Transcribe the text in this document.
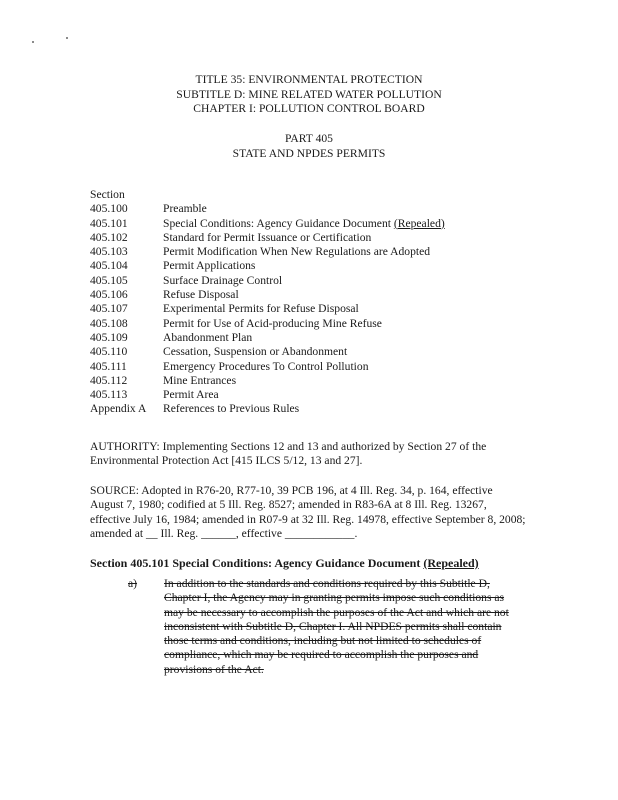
TITLE 35: ENVIRONMENTAL PROTECTION
SUBTITLE D: MINE RELATED WATER POLLUTION
CHAPTER I: POLLUTION CONTROL BOARD
PART 405
STATE AND NPDES PERMITS
Section
405.100	Preamble
405.101	Special Conditions: Agency Guidance Document (Repealed)
405.102	Standard for Permit Issuance or Certification
405.103	Permit Modification When New Regulations are Adopted
405.104	Permit Applications
405.105	Surface Drainage Control
405.106	Refuse Disposal
405.107	Experimental Permits for Refuse Disposal
405.108	Permit for Use of Acid-producing Mine Refuse
405.109	Abandonment Plan
405.110	Cessation, Suspension or Abandonment
405.111	Emergency Procedures To Control Pollution
405.112	Mine Entrances
405.113	Permit Area
Appendix A	References to Previous Rules
AUTHORITY: Implementing Sections 12 and 13 and authorized by Section 27 of the Environmental Protection Act [415 ILCS 5/12, 13 and 27].
SOURCE: Adopted in R76-20, R77-10, 39 PCB 196, at 4 Ill. Reg. 34, p. 164, effective August 7, 1980; codified at 5 Ill. Reg. 8527; amended in R83-6A at 8 Ill. Reg. 13267, effective July 16, 1984; amended in R07-9 at 32 Ill. Reg. 14978, effective September 8, 2008; amended at __ Ill. Reg. ______, effective ____________.
Section 405.101 Special Conditions: Agency Guidance Document (Repealed)
a) In addition to the standards and conditions required by this Subtitle D,
Chapter I, the Agency may in granting permits impose such conditions as
may be necessary to accomplish the purposes of the Act and which are not
inconsistent with Subtitle D, Chapter I. All NPDES permits shall contain
those terms and conditions, including but not limited to schedules of
compliance, which may be required to accomplish the purposes and
provisions of the Act.
